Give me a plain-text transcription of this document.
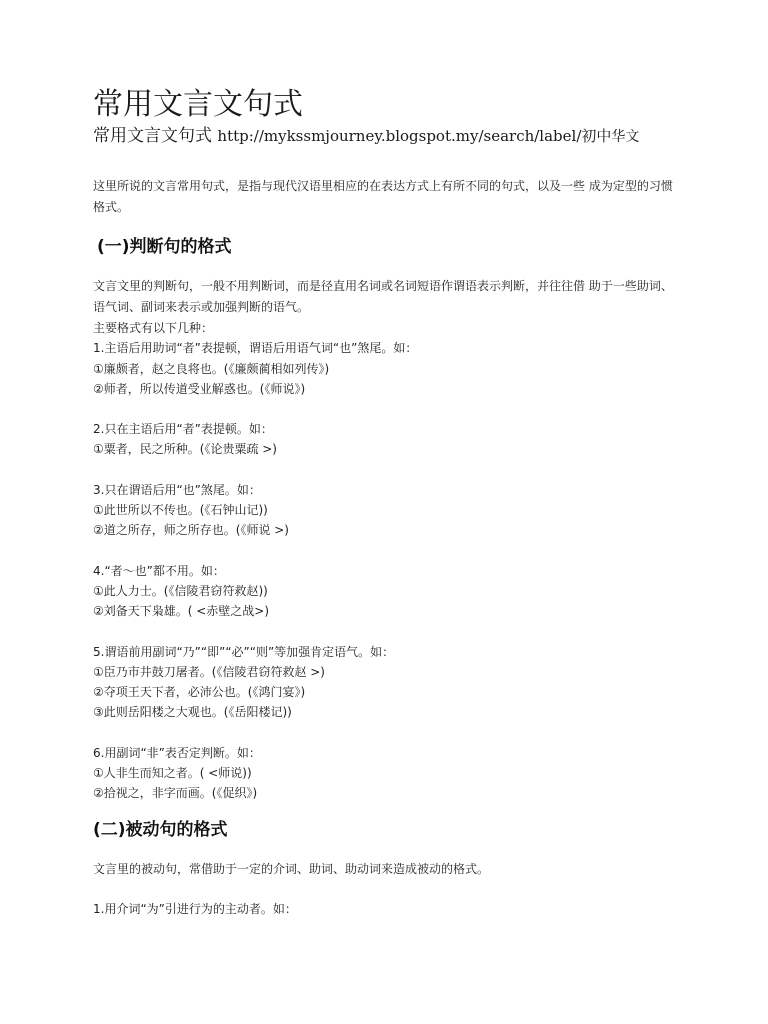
常用文言文句式
常用文言文句式 http://mykssmjourney.blogspot.my/search/label/初中华文
这里所说的文言常用句式，是指与现代汉语里相应的在表达方式上有所不同的句式，以及一些 成为定型的习惯格式。
(一)判断句的格式
文言文里的判断句，一般不用判断词，而是径直用名词或名词短语作谓语表示判断，并往往借 助于一些助词、语气词、副词来表示或加强判断的语气。
主要格式有以下几种：
1.主语后用助词“者”表提顿，谓语后用语气词“也”煞尾。如：
①廉颇者，赵之良将也。(《廉颇蔺相如列传》)
②师者，所以传道受业解惑也。(《师说》)
2.只在主语后用“者”表提顿。如：
①粟者，民之所种。(《论贵粟疏 >)
3.只在谓语后用“也”煞尾。如：
①此世所以不传也。(《石钟山记))
②道之所存，师之所存也。(《师说 >)
4.“者～也”都不用。如：
①此人力士。(《信陵君窃符救赵))
②刘备天下枭雄。( <赤壁之战>)
5.谓语前用副词“乃”“即”“必”“则”等加强肯定语气。如：
①臣乃市井鼓刀屠者。(《信陵君窃符救赵 >)
②夺项王天下者，必沛公也。(《鸿门宴》)
③此则岳阳楼之大观也。(《岳阳楼记))
6.用副词“非”表否定判断。如：
①人非生而知之者。( <师说))
②拾视之，非字而画。(《促织》)
(二)被动句的格式
文言里的被动句，常借助于一定的介词、助词、助动词来造成被动的格式。
1.用介词“为”引进行为的主动者。如：
